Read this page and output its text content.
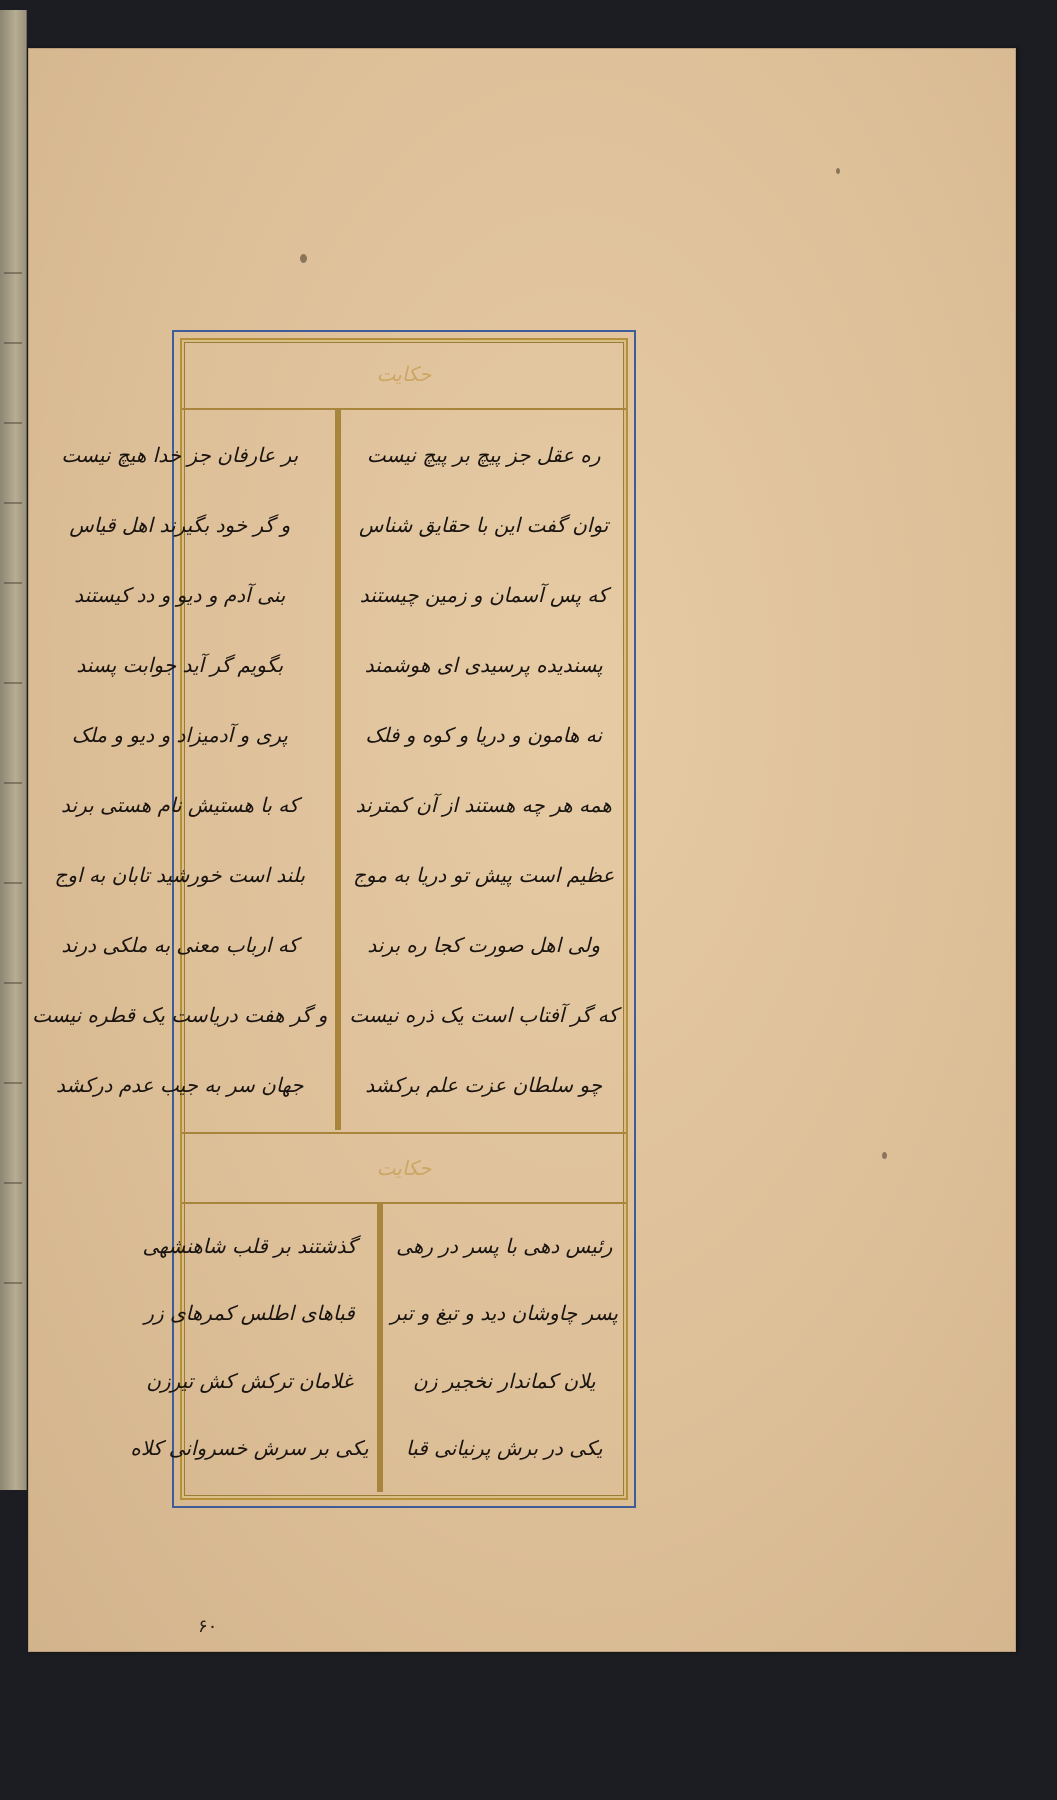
حکایت
ره عقل جز پیچ بر پیچ نیست
توان گفت این با حقایق شناس
که پس آسمان و زمین چیستند
پسندیده پرسیدی ای هوشمند
نه هامون و دریا و کوه و فلک
همه هر چه هستند از آن کمترند
عظیم است پیش تو دریا به موج
ولی اهل صورت کجا ره برند
که گر آفتاب است یک ذره نیست
چو سلطان عزت علم برکشد
بر عارفان جز خدا هیچ نیست
و گر خود بگیرند اهل قیاس
بنی آدم و دیو و دد کیستند
بگویم گر آید جوابت پسند
پری و آدمیزاد و دیو و ملک
که با هستیش نام هستی برند
بلند است خورشید تابان به اوج
که ارباب معنی به ملکی درند
و گر هفت دریاست یک قطره نیست
جهان سر به جیب عدم درکشد
حکایت
رئیس دهی با پسر در رهی
پسر چاوشان دید و تیغ و تبر
یلان کماندار نخجیر زن
یکی در برش پرنیانی قبا
گذشتند بر قلب شاهنشهی
قباهای اطلس کمرهای زر
غلامان ترکش کش تیرزن
یکی بر سرش خسروانی کلاه
۶۰
